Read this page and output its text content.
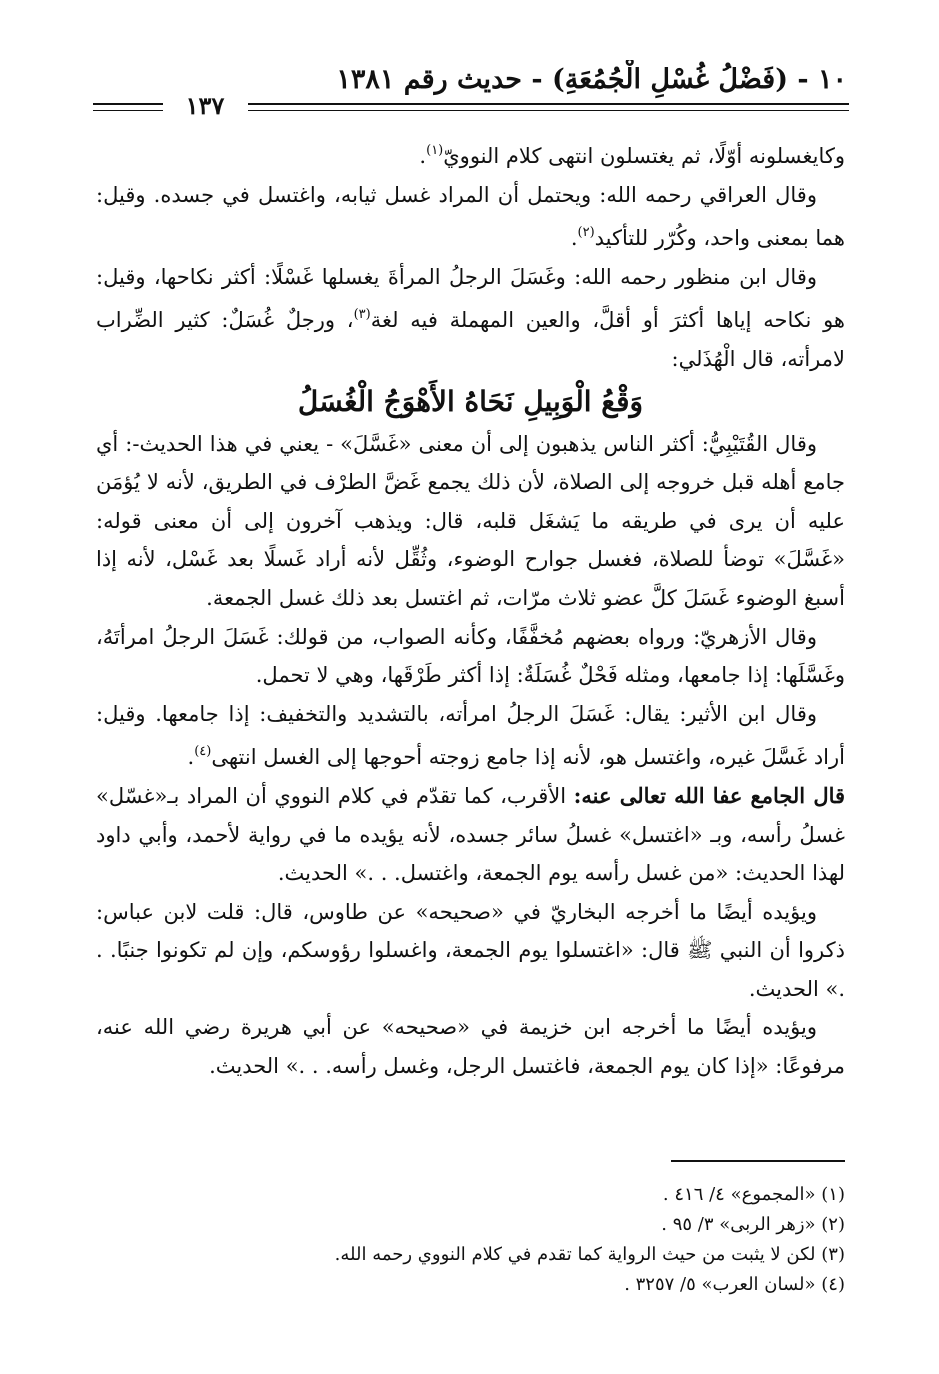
١٠ - (فَضْلُ غُسْلِ الْجُمُعَةِ) - حديث رقم ١٣٨١
١٣٧

وكايغسلونه أوّلًا، ثم يغتسلون انتهى كلام النوويّ$^{(١)}$.

وقال العراقي رحمه الله: ويحتمل أن المراد غسل ثيابه، واغتسل في جسده. وقيل: هما بمعنى واحد، وكُرّر للتأكيد$^{(٢)}$.

وقال ابن منظور رحمه الله: وغَسَلَ الرجلُ المرأةَ يغسلها غَسْلًا: أكثر نكاحها، وقيل: هو نكاحه إياها أكثرَ أو أقلَّ، والعين المهملة فيه لغة$^{(٣)}$، ورجلٌ غُسَلٌ: كثير الضِّراب لامرأته، قال الْهُذَلي:

وَقْعُ الْوَبِيلِ نَحَاهُ الأَهْوَجُ الْغُسَلُ

وقال القُتَيْبِيُّ: أكثر الناس يذهبون إلى أن معنى «غَسَّلَ» - يعني في هذا الحديث-: أي جامع أهله قبل خروجه إلى الصلاة، لأن ذلك يجمع غَضَّ الطرْف في الطريق، لأنه لا يُؤمَن عليه أن يرى في طريقه ما يَشغَل قلبه، قال: ويذهب آخرون إلى أن معنى قوله: «غَسَّلَ» توضأ للصلاة، فغسل جوارح الوضوء، وثُقِّل لأنه أراد غَسلًا بعد غَسْل، لأنه إذا أسبغ الوضوء غَسَلَ كلَّ عضو ثلاث مرّات، ثم اغتسل بعد ذلك غسل الجمعة.

وقال الأزهريّ: ورواه بعضهم مُخفَّفًا، وكأنه الصواب، من قولك: غَسَلَ الرجلُ امرأتَهُ، وغَسَّلَها: إذا جامعها، ومثله فَحْلٌ غُسَلَةٌ: إذا أكثر طَرْقَها، وهي لا تحمل.

وقال ابن الأثير: يقال: غَسَلَ الرجلُ امرأته، بالتشديد والتخفيف: إذا جامعها. وقيل: أراد غَسَّلَ غيره، واغتسل هو، لأنه إذا جامع زوجته أحوجها إلى الغسل انتهى$^{(٤)}$.

قال الجامع عفا الله تعالى عنه: الأقرب، كما تقدّم في كلام النووي أن المراد بـ«غسّل» غسلُ رأسه، وبـ «اغتسل» غسلُ سائر جسده، لأنه يؤيده ما في رواية لأحمد، وأبي داود لهذا الحديث: «من غسل رأسه يوم الجمعة، واغتسل. . .» الحديث.

ويؤيده أيضًا ما أخرجه البخاريّ في «صحيحه» عن طاوس، قال: قلت لابن عباس: ذكروا أن النبي ﷺ قال: «اغتسلوا يوم الجمعة، واغسلوا رؤوسكم، وإن لم تكونوا جنبًا. . .» الحديث.

ويؤيده أيضًا ما أخرجه ابن خزيمة في «صحيحه» عن أبي هريرة رضي الله عنه، مرفوعًا: «إذا كان يوم الجمعة، فاغتسل الرجل، وغسل رأسه. . .» الحديث.

(١) «المجموع» ٤/ ٤١٦ .
(٢) «زهر الربى» ٣/ ٩٥ .
(٣) لكن لا يثبت من حيث الرواية كما تقدم في كلام النووي رحمه الله.
(٤) «لسان العرب» ٥/ ٣٢٥٧ .
